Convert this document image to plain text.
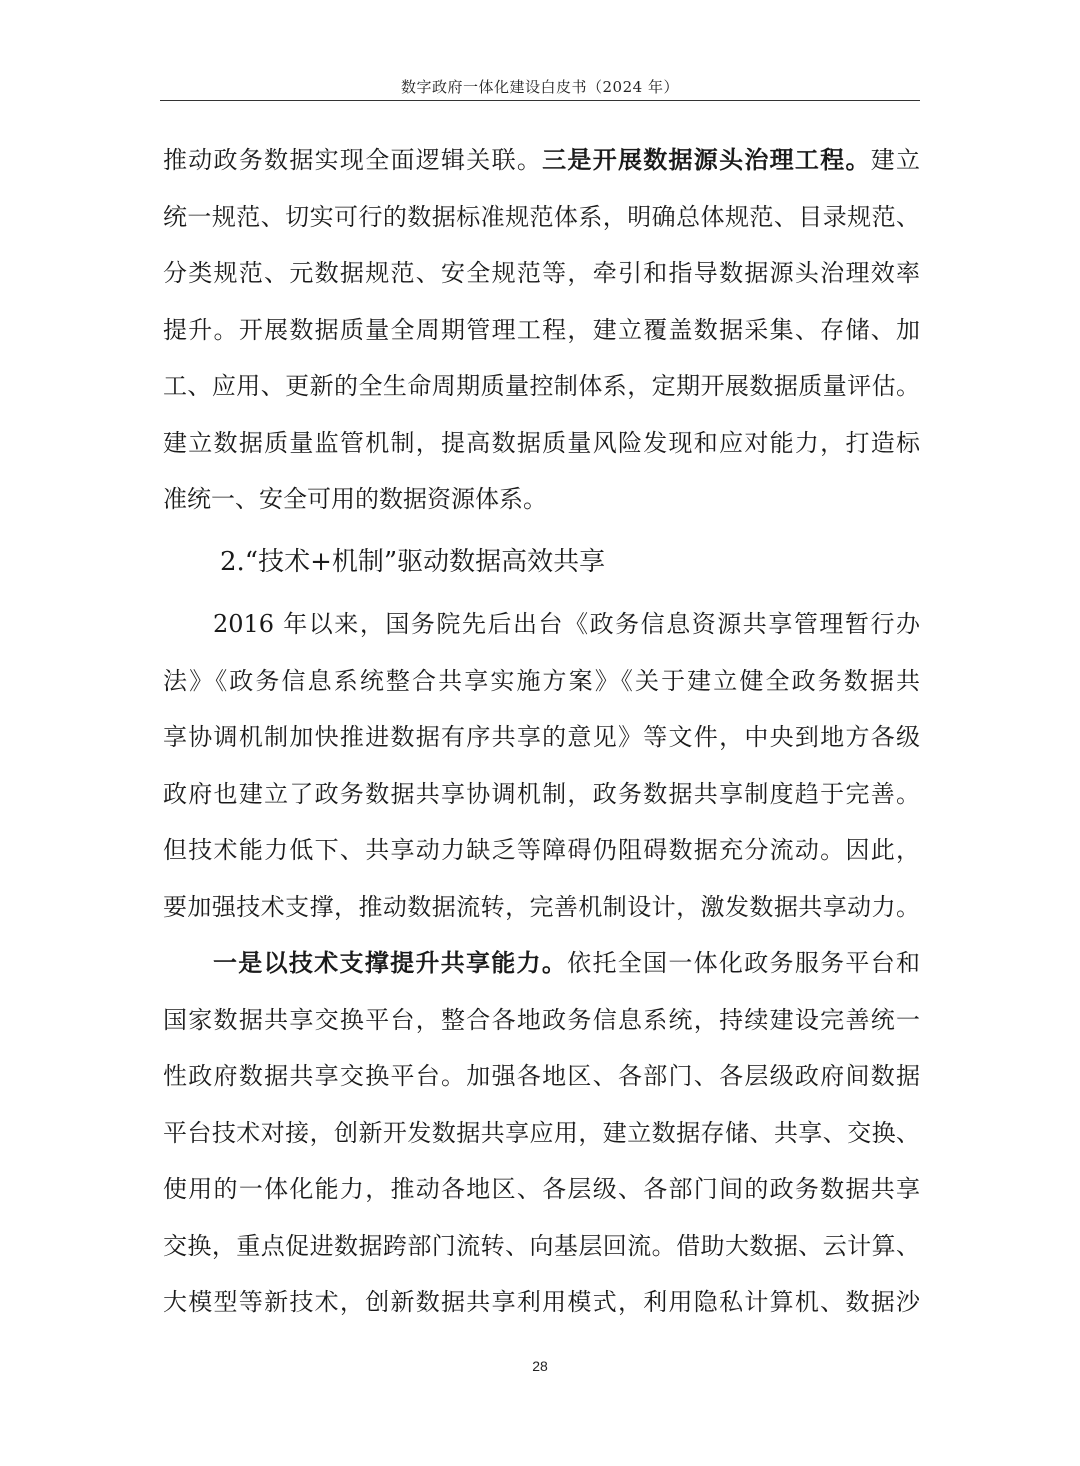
数字政府一体化建设白皮书（2024 年）
推动政务数据实现全面逻辑关联。三是开展数据源头治理工程。建立
统一规范、切实可行的数据标准规范体系，明确总体规范、目录规范、
分类规范、元数据规范、安全规范等，牵引和指导数据源头治理效率
提升。开展数据质量全周期管理工程，建立覆盖数据采集、存储、加
工、应用、更新的全生命周期质量控制体系，定期开展数据质量评估。
建立数据质量监管机制，提高数据质量风险发现和应对能力，打造标
准统一、安全可用的数据资源体系。
2.“技术+机制”驱动数据高效共享
2016 年以来，国务院先后出台《政务信息资源共享管理暂行办
法》《政务信息系统整合共享实施方案》《关于建立健全政务数据共
享协调机制加快推进数据有序共享的意见》等文件，中央到地方各级
政府也建立了政务数据共享协调机制，政务数据共享制度趋于完善。
但技术能力低下、共享动力缺乏等障碍仍阻碍数据充分流动。因此，
要加强技术支撑，推动数据流转，完善机制设计，激发数据共享动力。
一是以技术支撑提升共享能力。依托全国一体化政务服务平台和
国家数据共享交换平台，整合各地政务信息系统，持续建设完善统一
性政府数据共享交换平台。加强各地区、各部门、各层级政府间数据
平台技术对接，创新开发数据共享应用，建立数据存储、共享、交换、
使用的一体化能力，推动各地区、各层级、各部门间的政务数据共享
交换，重点促进数据跨部门流转、向基层回流。借助大数据、云计算、
大模型等新技术，创新数据共享利用模式，利用隐私计算机、数据沙
28
